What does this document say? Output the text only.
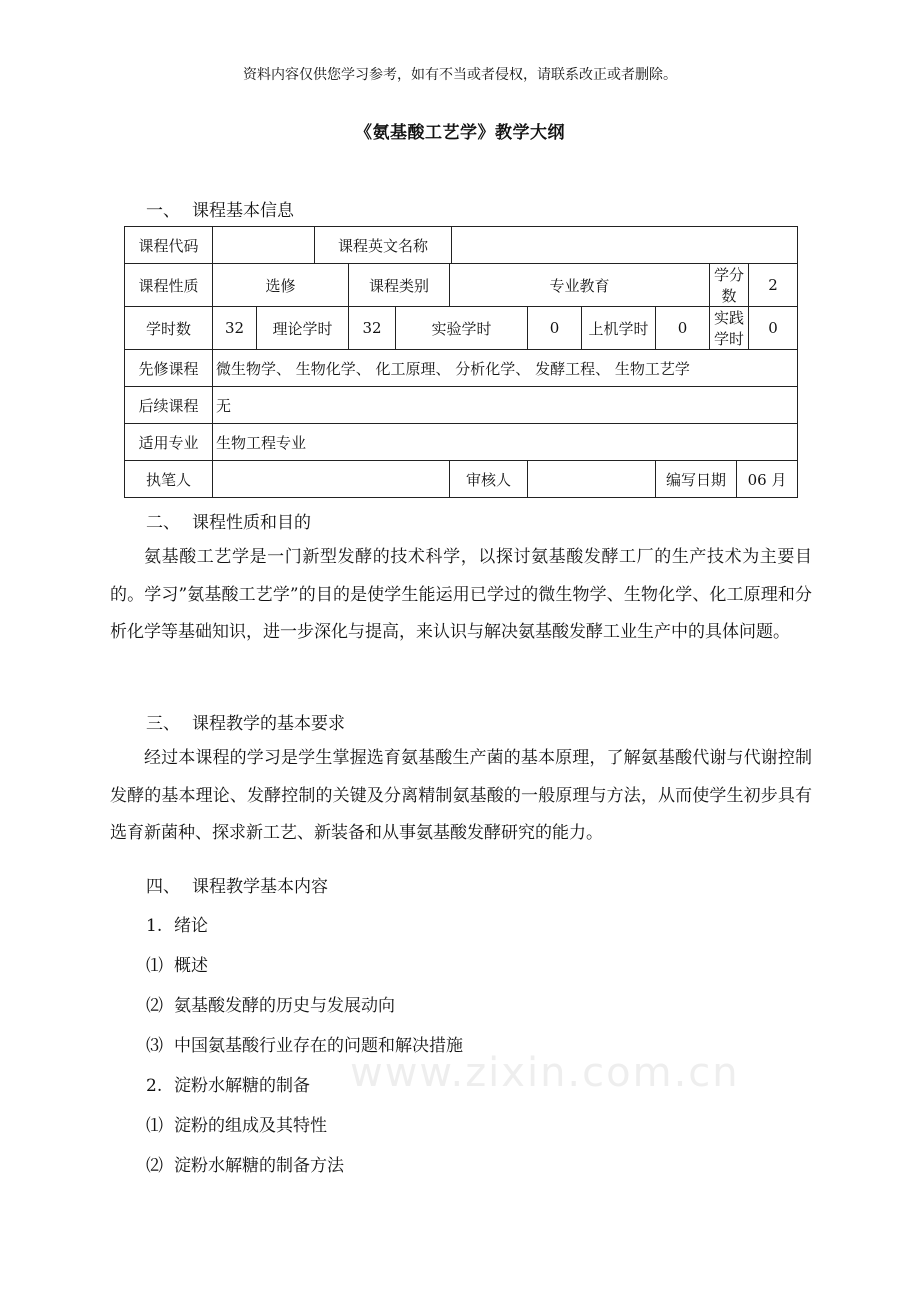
资料内容仅供您学习参考，如有不当或者侵权，请联系改正或者删除。
《氨基酸工艺学》教学大纲
一、 课程基本信息
课程代码			课程英文名称										
课程性质	选修			课程类别		专业教育					学分数		2
学时数	32	理论学时		32	实验学时			0	上机学时	0	实践学时		0
先修课程	微生物学、 生物化学、 化工原理、 分析化学、 发酵工程、 生物工艺学												
后续课程	无												
适用专业	生物工程专业												
执笔人						审核人				编写日期		06 月	
二、 课程性质和目的

氨基酸工艺学是一门新型发酵的技术科学，以探讨氨基酸发酵工厂的生产技术为主要目的。学习”氨基酸工艺学”的目的是使学生能运用已学过的微生物学、生物化学、化工原理和分析化学等基础知识，进一步深化与提高，来认识与解决氨基酸发酵工业生产中的具体问题。

三、 课程教学的基本要求

经过本课程的学习是学生掌握选育氨基酸生产菌的基本原理，了解氨基酸代谢与代谢控制发酵的基本理论、发酵控制的关键及分离精制氨基酸的一般原理与方法，从而使学生初步具有选育新菌种、探求新工艺、新装备和从事氨基酸发酵研究的能力。

四、 课程教学基本内容
1. 绪论
⑴ 概述
⑵ 氨基酸发酵的历史与发展动向
⑶ 中国氨基酸行业存在的问题和解决措施
2. 淀粉水解糖的制备
⑴ 淀粉的组成及其特性
⑵ 淀粉水解糖的制备方法
www.zixin.com.cn
